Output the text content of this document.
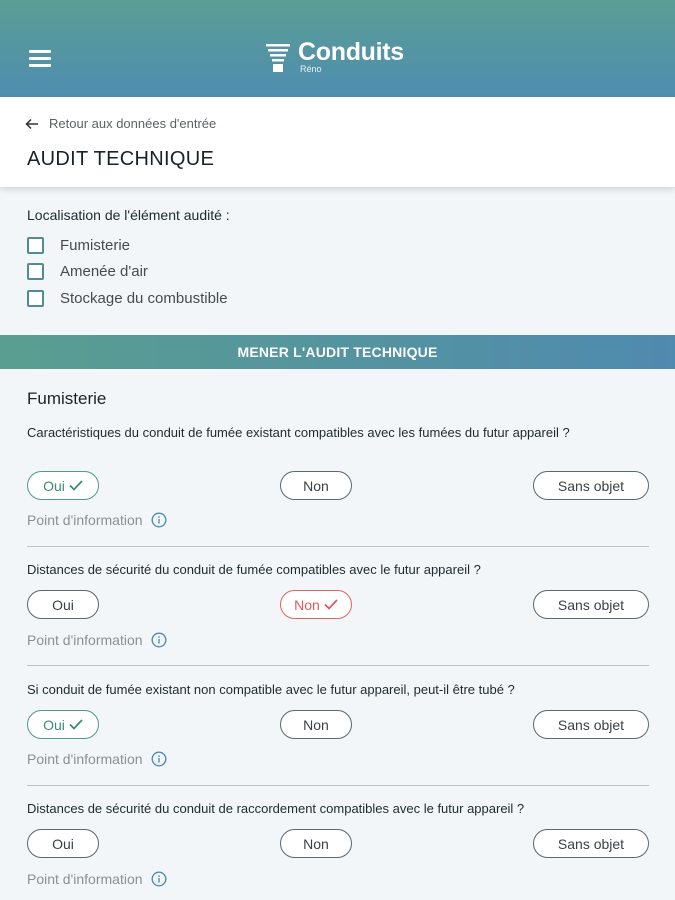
Conduits
Réno
Retour aux données d'entrée
AUDIT TECHNIQUE
Localisation de l'élément audité :
Fumisterie
Amenée d'air
Stockage du combustible
MENER L'AUDIT TECHNIQUE
Fumisterie
Caractéristiques du conduit de fumée existant compatibles avec les fumées du futur appareil ?
Oui	Non	Sans objet
Point d'information
Distances de sécurité du conduit de fumée compatibles avec le futur appareil ?
Oui	Non	Sans objet
Point d'information
Si conduit de fumée existant non compatible avec le futur appareil, peut-il être tubé ?
Oui	Non	Sans objet
Point d'information
Distances de sécurité du conduit de raccordement compatibles avec le futur appareil ?
Oui	Non	Sans objet
Point d'information
